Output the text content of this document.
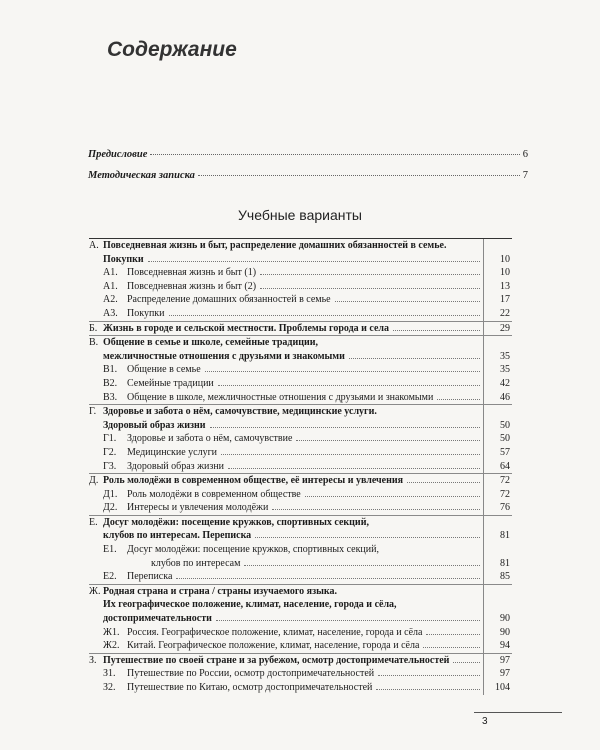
Содержание
Предисловие	6
Методическая записка	7
Учебные варианты
А.	Повседневная жизнь и быт, распределение домашних обязанностей в семье.	

	Покупки	10

	А1. Повседневная жизнь и быт (1)	10

	А1. Повседневная жизнь и быт (2)	13

	А2. Распределение домашних обязанностей в семье	17

	А3. Покупки	22
Б.	Жизнь в городе и сельской местности. Проблемы города и села	29
В.	Общение в семье и школе, семейные традиции,	

	межличностные отношения с друзьями и знакомыми	35

	В1. Общение в семье	35

	В2. Семейные традиции	42

	В3. Общение в школе, межличностные отношения с друзьями и знакомыми	46
Г.	Здоровье и забота о нём, самочувствие, медицинские услуги.	

	Здоровый образ жизни	50

	Г1. Здоровье и забота о нём, самочувствие	50

	Г2. Медицинские услуги	57

	Г3. Здоровый образ жизни	64
Д.	Роль молодёжи в современном обществе, её интересы и увлечения	72

	Д1. Роль молодёжи в современном обществе	72

	Д2. Интересы и увлечения молодёжи	76
Е.	Досуг молодёжи: посещение кружков, спортивных секций,	

	клубов по интересам. Переписка	81

	Е1. Досуг молодёжи: посещение кружков, спортивных секций,	

	клубов по интересам	81

	Е2. Переписка	85
Ж.	Родная страна и страна / страны изучаемого языка.	

	Их географическое положение, климат, население, города и сёла,	

	достопримечательности	90

	Ж1. Россия. Географическое положение, климат, население, города и сёла	90

	Ж2. Китай. Географическое положение, климат, население, города и сёла	94
З.	Путешествие по своей стране и за рубежом, осмотр достопримечательностей	97

	З1. Путешествие по России, осмотр достопримечательностей	97

	З2. Путешествие по Китаю, осмотр достопримечательностей	104
3
